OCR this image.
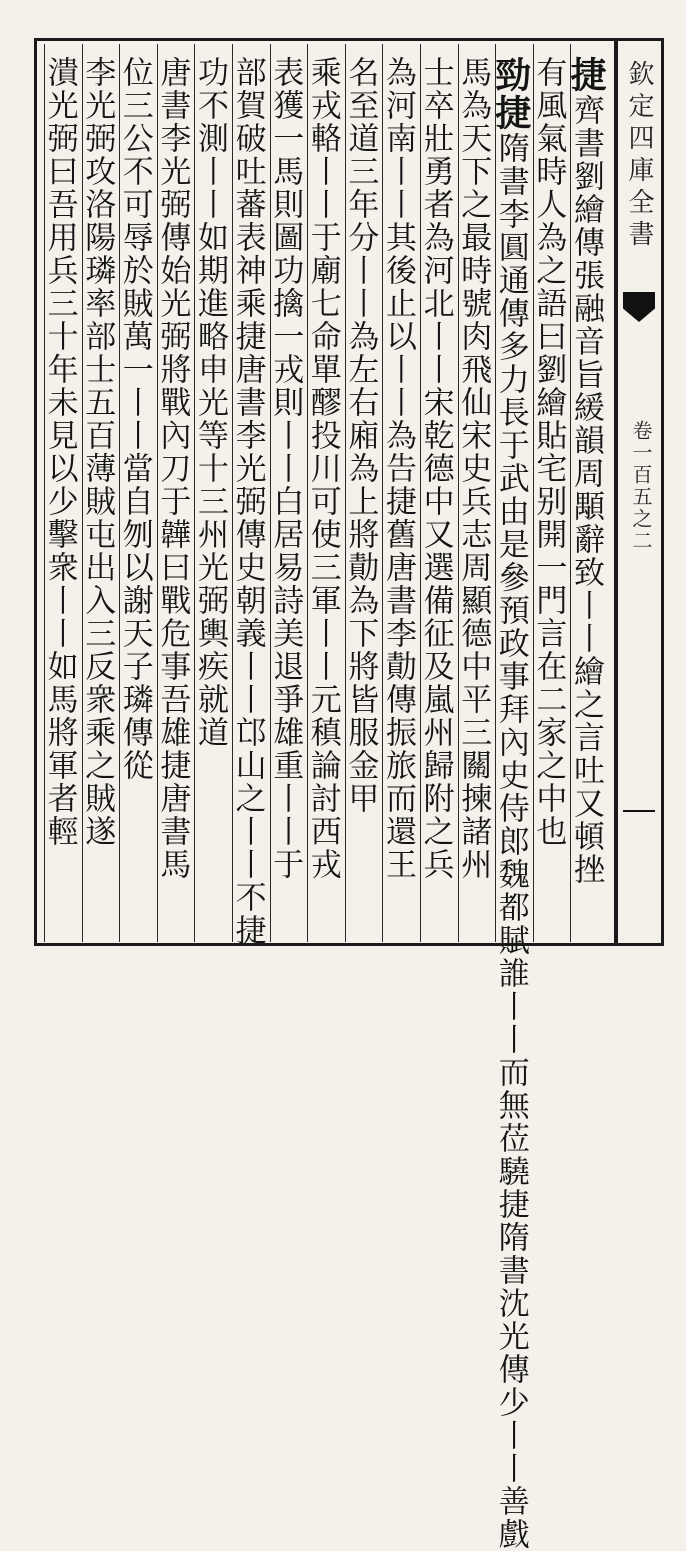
欽定四庫全書
卷一百五之二
捷齊書劉繪傳張融音旨緩韻周顒辭致丨丨繪之言吐又頓挫
有風氣時人為之語曰劉繪貼宅别開一門言在二家之中也
勁捷隋書李圓通傳多力長于武由是參預政事拜內史侍郎魏都賦誰丨丨而無莅驍捷隋書沈光傳少丨丨善戲
馬為天下之最時號肉飛仙宋史兵志周顯德中平三關揀諸州
士卒壯勇者為河北丨丨宋乾德中又選備征及嵐州歸附之兵
為河南丨丨其後止以丨丨為告捷舊唐書李勣傳振旅而還王
名至道三年分丨丨為左右廂為上將勣為下將皆服金甲
乘戎輅丨丨于廟七命單醪投川可使三軍丨丨元稹論討西戎
表獲一馬則圖功擒一戎則丨丨白居易詩美退爭雄重丨丨于
部賀破吐蕃表神乘捷唐書李光弼傳史朝義丨丨邙山之丨丨不捷
功不測丨丨如期進略申光等十三州光弼輿疾就道
唐書李光弼傳始光弼將戰內刀于韡曰戰危事吾雄捷唐書馬
位三公不可辱於賊萬一丨丨當自刎以謝天子璘傳從
李光弼攻洛陽璘率部士五百薄賊屯出入三反衆乘之賊遂
潰光弼曰吾用兵三十年未見以少擊衆丨丨如馬將軍者輕
